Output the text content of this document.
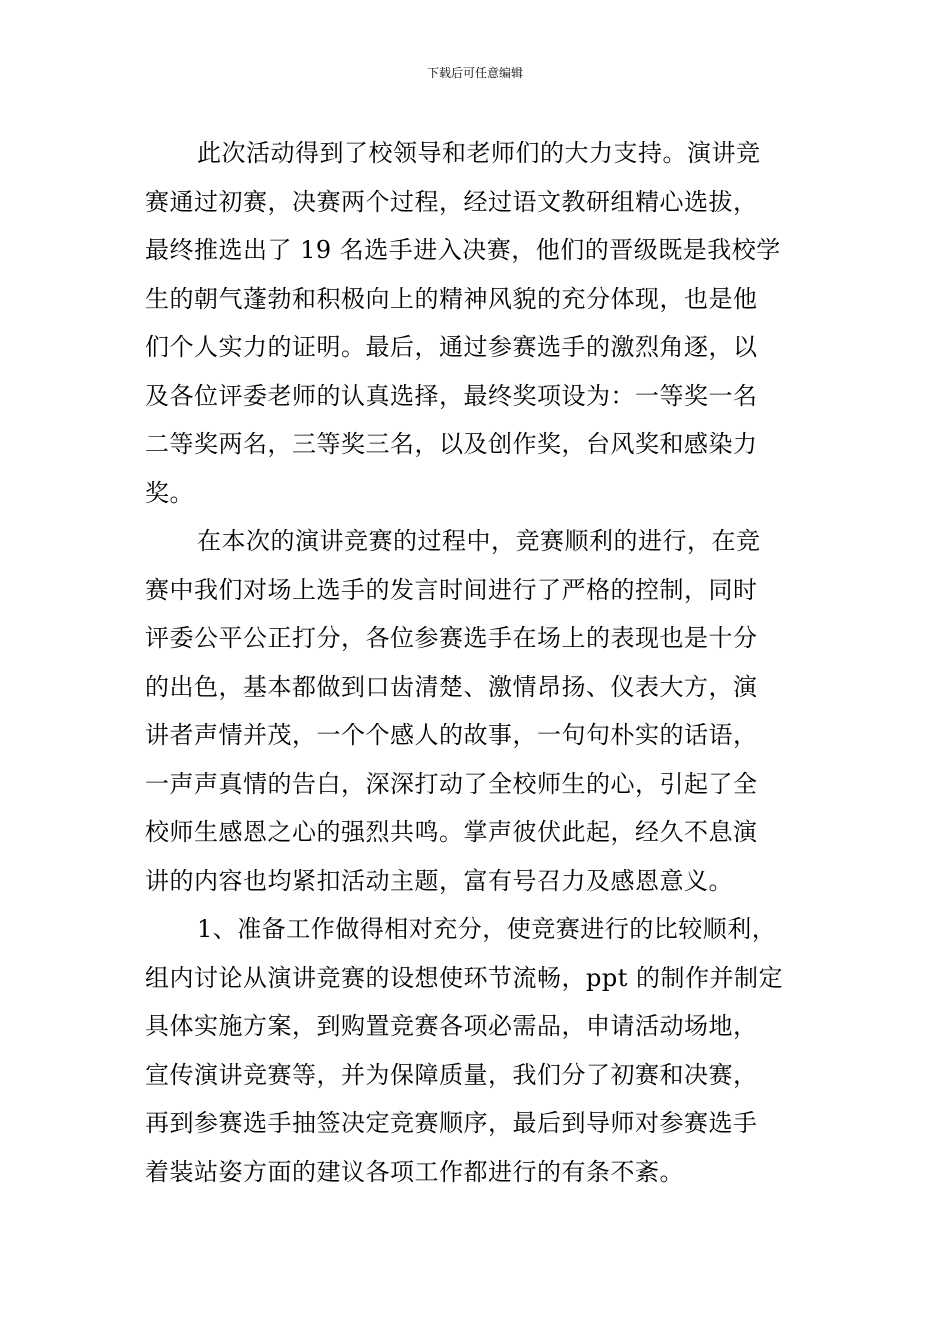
下载后可任意编辑
此次活动得到了校领导和老师们的大力支持。演讲竞
赛通过初赛，决赛两个过程，经过语文教研组精心选拔，
最终推选出了 19 名选手进入决赛，他们的晋级既是我校学
生的朝气蓬勃和积极向上的精神风貌的充分体现，也是他
们个人实力的证明。最后，通过参赛选手的激烈角逐，以
及各位评委老师的认真选择，最终奖项设为：一等奖一名
二等奖两名，三等奖三名，以及创作奖，台风奖和感染力
奖。
在本次的演讲竞赛的过程中，竞赛顺利的进行，在竞
赛中我们对场上选手的发言时间进行了严格的控制，同时
评委公平公正打分，各位参赛选手在场上的表现也是十分
的出色，基本都做到口齿清楚、激情昂扬、仪表大方，演
讲者声情并茂，一个个感人的故事，一句句朴实的话语，
一声声真情的告白，深深打动了全校师生的心，引起了全
校师生感恩之心的强烈共鸣。掌声彼伏此起，经久不息演
讲的内容也均紧扣活动主题，富有号召力及感恩意义。
1、准备工作做得相对充分，使竞赛进行的比较顺利，
组内讨论从演讲竞赛的设想使环节流畅，ppt 的制作并制定
具体实施方案，到购置竞赛各项必需品，申请活动场地，
宣传演讲竞赛等，并为保障质量，我们分了初赛和决赛，
再到参赛选手抽签决定竞赛顺序，最后到导师对参赛选手
着装站姿方面的建议各项工作都进行的有条不紊。
